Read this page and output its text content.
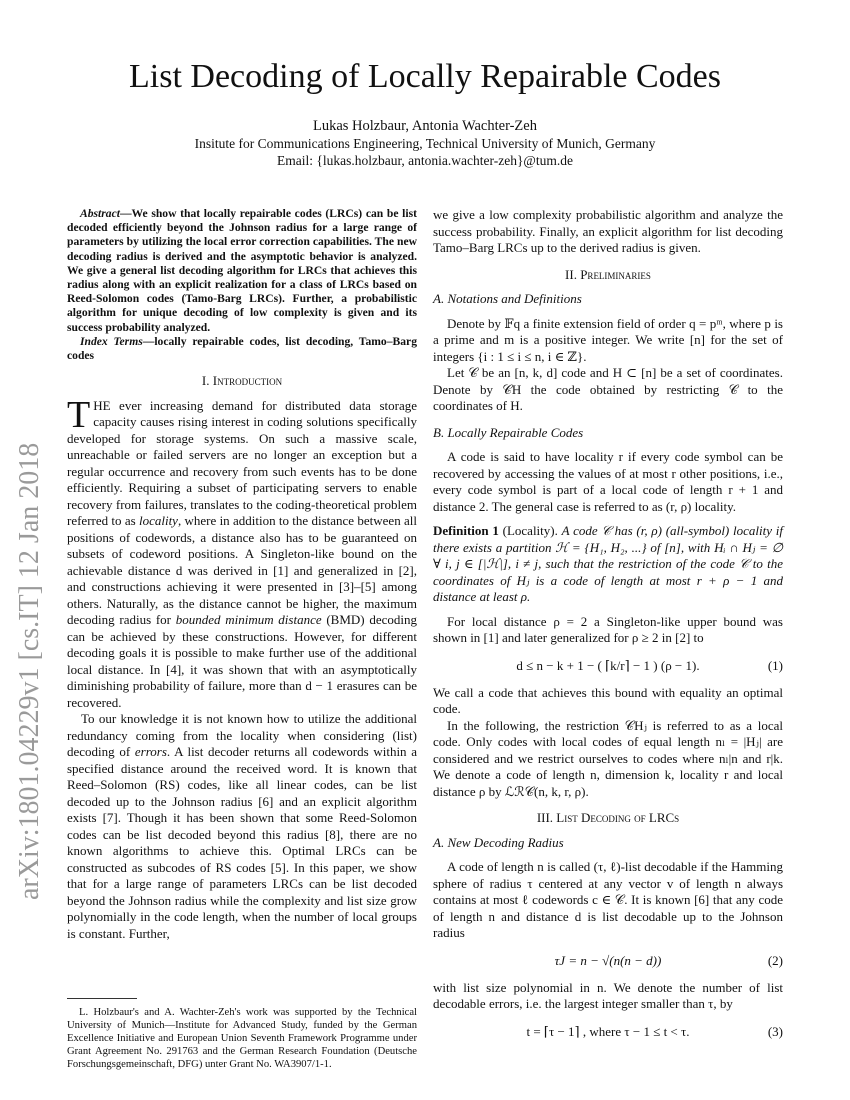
List Decoding of Locally Repairable Codes
Lukas Holzbaur, Antonia Wachter-Zeh
Insitute for Communications Engineering, Technical University of Munich, Germany
Email: {lukas.holzbaur, antonia.wachter-zeh}@tum.de
arXiv:1801.04229v1 [cs.IT] 12 Jan 2018

Abstract—We show that locally repairable codes (LRCs) can be list decoded efficiently beyond the Johnson radius for a large range of parameters by utilizing the local error correction capabilities. The new decoding radius is derived and the asymptotic behavior is analyzed. We give a general list decoding algorithm for LRCs that achieves this radius along with an explicit realization for a class of LRCs based on Reed-Solomon codes (Tamo-Barg LRCs). Further, a probabilistic algorithm for unique decoding of low complexity is given and its success probability analyzed.

Index Terms—locally repairable codes, list decoding, Tamo–Barg codes

I. Introduction

THE ever increasing demand for distributed data storage capacity causes rising interest in coding solutions specifically developed for storage systems. On such a massive scale, unreachable or failed servers are no longer an exception but a regular occurrence and recovery from such events has to be done efficiently. Requiring a subset of participating servers to enable recovery from failures, translates to the coding-theoretical problem referred to as locality, where in addition to the distance between all positions of codewords, a distance also has to be guaranteed on subsets of codeword positions. A Singleton-like bound on the achievable distance d was derived in [1] and generalized in [2], and constructions achieving it were presented in [3]–[5] among others. Naturally, as the distance cannot be higher, the maximum decoding radius for bounded minimum distance (BMD) decoding can be achieved by these constructions. However, for different decoding goals it is possible to make further use of the additional local distance. In [4], it was shown that with an asymptotically diminishing probability of failure, more than d − 1 erasures can be recovered.

To our knowledge it is not known how to utilize the additional redundancy coming from the locality when considering (list) decoding of errors. A list decoder returns all codewords within a specified distance around the received word. It is known that Reed–Solomon (RS) codes, like all linear codes, can be list decoded up to the Johnson radius [6] and an explicit algorithm exists [7]. Though it has been shown that some Reed-Solomon codes can be list decoded beyond this radius [8], there are no known algorithms to achieve this. Optimal LRCs can be constructed as subcodes of RS codes [5]. In this paper, we show that for a large range of parameters LRCs can be list decoded beyond the Johnson radius while the complexity and list size grow polynomially in the code length, when the number of local groups is constant. Further,

L. Holzbaur's and A. Wachter-Zeh's work was supported by the Technical University of Munich—Institute for Advanced Study, funded by the German Excellence Initiative and European Union Seventh Framework Programme under Grant Agreement No. 291763 and the German Research Foundation (Deutsche Forschungsgemeinschaft, DFG) unter Grant No. WA3907/1-1.

we give a low complexity probabilistic algorithm and analyze the success probability. Finally, an explicit algorithm for list decoding Tamo–Barg LRCs up to the derived radius is given.

II. Preliminaries
A. Notations and Definitions

Denote by 𝔽q a finite extension field of order q = pᵐ, where p is a prime and m is a positive integer. We write [n] for the set of integers {i : 1 ≤ i ≤ n, i ∈ ℤ}.

Let 𝒞 be an [n, k, d] code and H ⊂ [n] be a set of coordinates. Denote by 𝒞H the code obtained by restricting 𝒞 to the coordinates of H.

B. Locally Repairable Codes

A code is said to have locality r if every code symbol can be recovered by accessing the values of at most r other positions, i.e., every code symbol is part of a local code of length r + 1 and distance 2. The general case is referred to as (r, ρ) locality.

Definition 1 (Locality). A code 𝒞 has (r, ρ) (all-symbol) locality if there exists a partition ℋ = {H₁, H₂, ...} of [n], with Hᵢ ∩ Hⱼ = ∅ ∀ i, j ∈ [|ℋ|], i ≠ j, such that the restriction of the code 𝒞 to the coordinates of Hⱼ is a code of length at most r + ρ − 1 and distance at least ρ.

For local distance ρ = 2 a Singleton-like upper bound was shown in [1] and later generalized for ρ ≥ 2 in [2] to

d ≤ n − k + 1 − ( ⌈k/r⌉ − 1 ) (ρ − 1).	(1)

We call a code that achieves this bound with equality an optimal code.

In the following, the restriction 𝒞Hⱼ is referred to as a local code. Only codes with local codes of equal length nₗ = |Hⱼ| are considered and we restrict ourselves to codes where nₗ|n and r|k. We denote a code of length n, dimension k, locality r and local distance ρ by ℒℛ𝒞(n, k, r, ρ).

III. List Decoding of LRCs
A. New Decoding Radius

A code of length n is called (τ, ℓ)-list decodable if the Hamming sphere of radius τ centered at any vector v of length n always contains at most ℓ codewords c ∈ 𝒞. It is known [6] that any code of length n and distance d is list decodable up to the Johnson radius

τJ = n − √(n(n − d))	(2)

with list size polynomial in n. We denote the number of list decodable errors, i.e. the largest integer smaller than τ, by

t = ⌈τ − 1⌉ , where τ − 1 ≤ t < τ.	(3)
